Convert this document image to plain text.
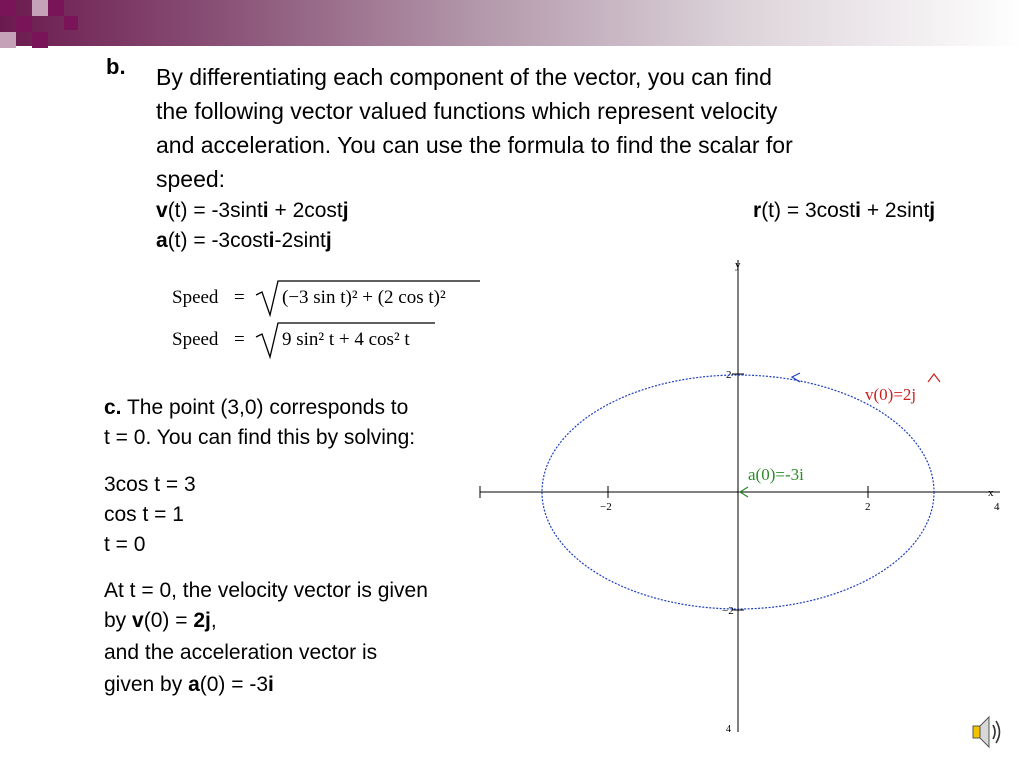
b. By differentiating each component of the vector, you can find the following vector valued functions which represent velocity and acceleration. You can use the formula to find the scalar for speed:
v(t) = -3sinti + 2costj	r(t) = 3costi + 2sintj
a(t) = -3costi-2sintj
Speed = (−3 sin t)² + (2 cos t)²
Speed = 9 sin² t + 4 cos² t
c. The point (3,0) corresponds to
t = 0. You can find this by solving:
3cos t = 3
cos t = 1
t = 0
At t = 0, the velocity vector is given
by v(0) = 2j,
and the acceleration vector is
given by a(0) = -3i
−2	2	4
2
−2
4
x
y
v(0)=2j
a(0)=-3i
